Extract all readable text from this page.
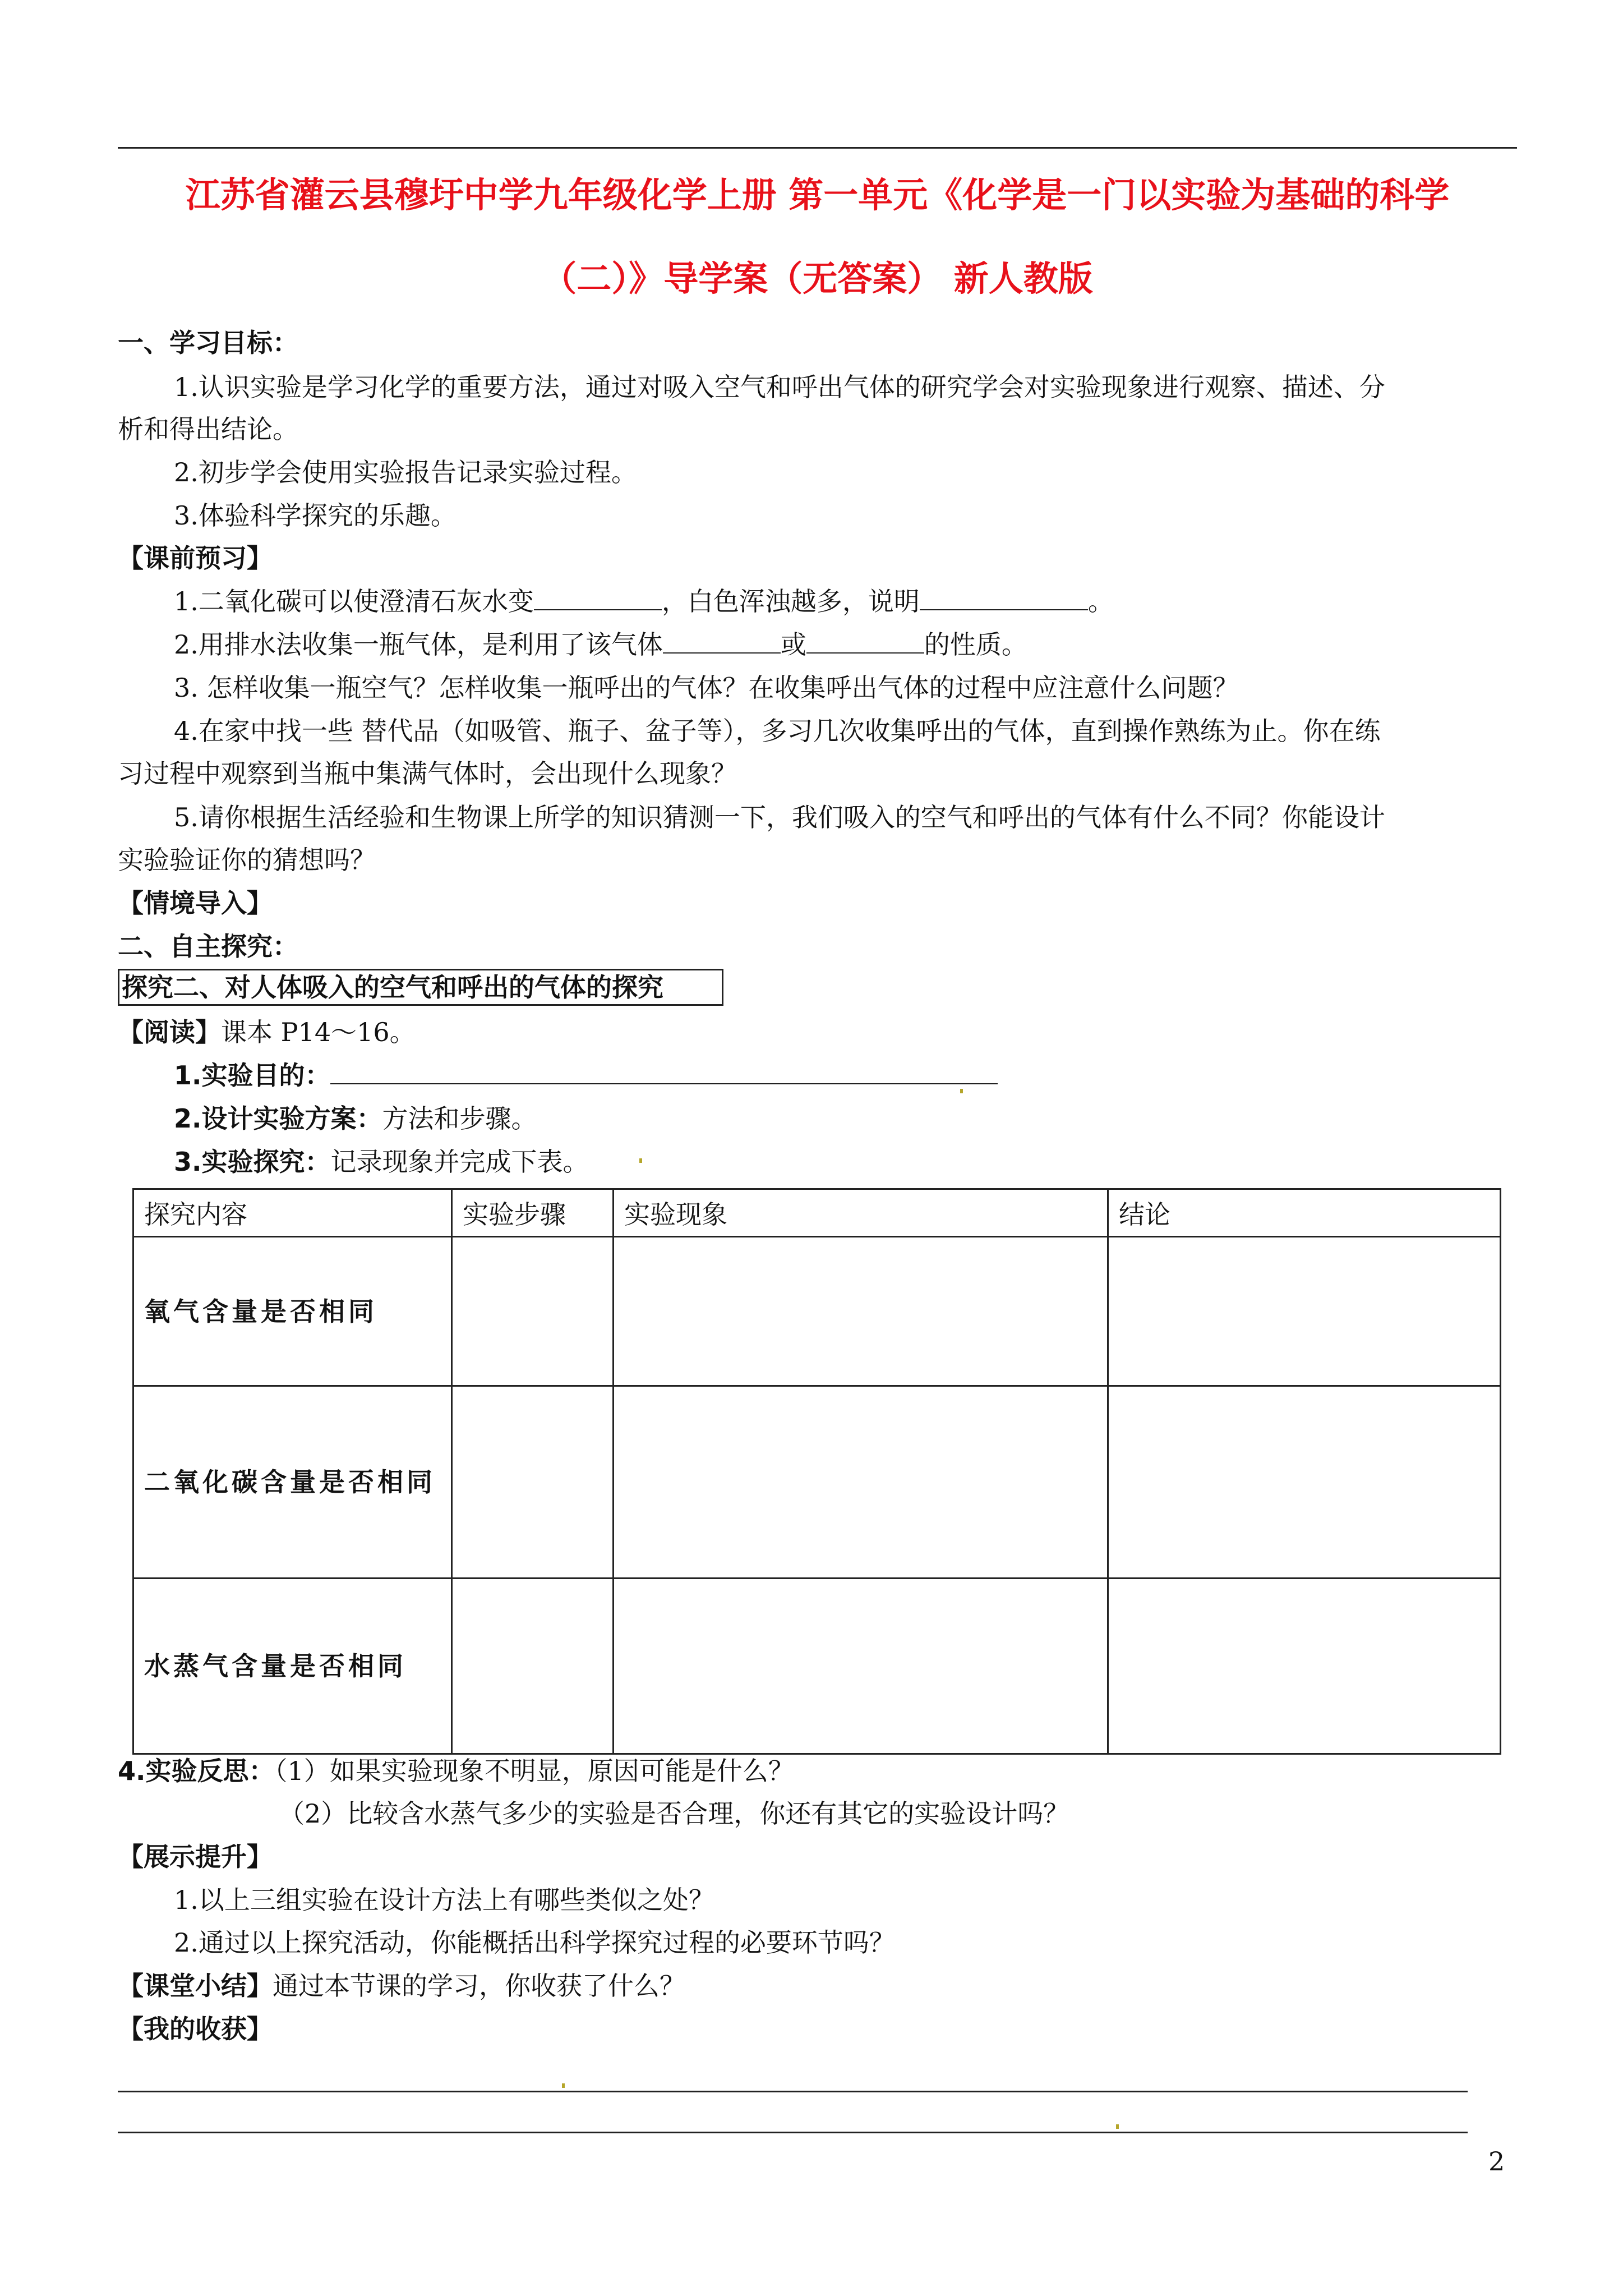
江苏省灌云县穆圩中学九年级化学上册 第一单元《化学是一门以实验为基础的科学
（二）》导学案（无答案） 新人教版
一、学习目标：
1.认识实验是学习化学的重要方法，通过对吸入空气和呼出气体的研究学会对实验现象进行观察、描述、分
析和得出结论。
2.初步学会使用实验报告记录实验过程。
3.体验科学探究的乐趣。
【课前预习】
1.二氧化碳可以使澄清石灰水变	，白色浑浊越多，说明	。
2.用排水法收集一瓶气体，是利用了该气体	或	的性质。
3. 怎样收集一瓶空气？怎样收集一瓶呼出的气体？在收集呼出气体的过程中应注意什么问题？
4.在家中找一些 替代品（如吸管、瓶子、盆子等），多习几次收集呼出的气体，直到操作熟练为止。你在练
习过程中观察到当瓶中集满气体时，会出现什么现象？
5.请你根据生活经验和生物课上所学的知识猜测一下，我们吸入的空气和呼出的气体有什么不同？你能设计
实验验证你的猜想吗？
【情境导入】
二、自主探究：
探究二、对人体吸入的空气和呼出的气体的探究
【阅读】课本 P14～16。
1.实验目的：
2.设计实验方案：方法和步骤。
3.实验探究：记录现象并完成下表。
探究内容	实验步骤	实验现象	结论
氧气含量是否相同			
二氧化碳含量是否相同			
水蒸气含量是否相同			
4.实验反思：（1）如果实验现象不明显，原因可能是什么？
（2）比较含水蒸气多少的实验是否合理，你还有其它的实验设计吗？
【展示提升】
1.以上三组实验在设计方法上有哪些类似之处？
2.通过以上探究活动，你能概括出科学探究过程的必要环节吗？
【课堂小结】通过本节课的学习，你收获了什么？
【我的收获】
2
